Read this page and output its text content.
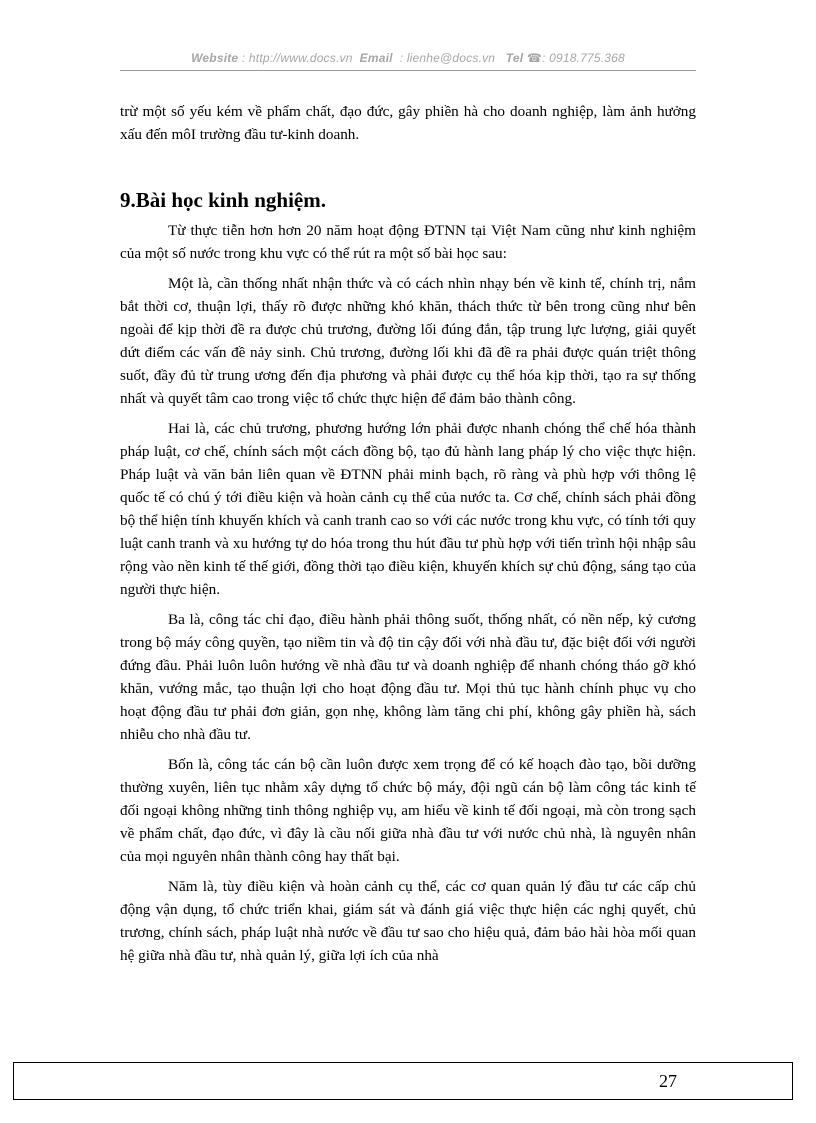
Website : http://www.docs.vn Email : lienhe@docs.vn Tel ☎: 0918.775.368

trừ một số yếu kém về phẩm chất, đạo đức, gây phiền hà cho doanh nghiệp, làm ảnh hưởng xấu đến môI trường đầu tư-kinh doanh.

9.Bài học kinh nghiệm.

Từ thực tiễn hơn hơn 20 năm hoạt động ĐTNN tại Việt Nam cũng như kinh nghiệm của một số nước trong khu vực có thể rút ra một số bài học sau:

Một là, cần thống nhất nhận thức và có cách nhìn nhạy bén về kinh tế, chính trị, nắm bắt thời cơ, thuận lợi, thấy rõ được những khó khăn, thách thức từ bên trong cũng như bên ngoài để kịp thời đề ra được chủ trương, đường lối đúng đắn, tập trung lực lượng, giải quyết dứt điểm các vấn đề nảy sinh. Chủ trương, đường lối khi đã đề ra phải được quán triệt thông suốt, đầy đủ từ trung ương đến địa phương và phải được cụ thể hóa kịp thời, tạo ra sự thống nhất và quyết tâm cao trong việc tổ chức thực hiện để đảm bảo thành công.

Hai là, các chủ trương, phương hướng lớn phải được nhanh chóng thể chế hóa thành pháp luật, cơ chế, chính sách một cách đồng bộ, tạo đủ hành lang pháp lý cho việc thực hiện. Pháp luật và văn bản liên quan về ĐTNN phải minh bạch, rõ ràng và phù hợp với thông lệ quốc tế có chú ý tới điều kiện và hoàn cảnh cụ thể của nước ta. Cơ chế, chính sách phải đồng bộ thể hiện tính khuyến khích và canh tranh cao so với các nước trong khu vực, có tính tới quy luật canh tranh và xu hướng tự do hóa trong thu hút đầu tư phù hợp với tiến trình hội nhập sâu rộng vào nền kinh tế thế giới, đồng thời tạo điều kiện, khuyến khích sự chủ động, sáng tạo của người thực hiện.

Ba là, công tác chỉ đạo, điều hành phải thông suốt, thống nhất, có nền nếp, kỷ cương trong bộ máy công quyền, tạo niềm tin và độ tin cậy đối với nhà đầu tư, đặc biệt đối với người đứng đầu. Phải luôn luôn hướng về nhà đầu tư và doanh nghiệp để nhanh chóng tháo gỡ khó khăn, vướng mắc, tạo thuận lợi cho hoạt động đầu tư. Mọi thủ tục hành chính phục vụ cho hoạt động đầu tư phải đơn giản, gọn nhẹ, không làm tăng chi phí, không gây phiền hà, sách nhiễu cho nhà đầu tư.

Bốn là, công tác cán bộ cần luôn được xem trọng để có kế hoạch đào tạo, bồi dưỡng thường xuyên, liên tục nhằm xây dựng tổ chức bộ máy, đội ngũ cán bộ làm công tác kinh tế đối ngoại không những tinh thông nghiệp vụ, am hiểu về kinh tế đối ngoại, mà còn trong sạch về phẩm chất, đạo đức, vì đây là cầu nối giữa nhà đầu tư với nước chủ nhà, là nguyên nhân của mọi nguyên nhân thành công hay thất bại.

Năm là, tùy điều kiện và hoàn cảnh cụ thể, các cơ quan quản lý đầu tư các cấp chủ động vận dụng, tổ chức triển khai, giám sát và đánh giá việc thực hiện các nghị quyết, chủ trương, chính sách, pháp luật nhà nước về đầu tư sao cho hiệu quả, đảm bảo hài hòa mối quan hệ giữa nhà đầu tư, nhà quản lý, giữa lợi ích của nhà

27
